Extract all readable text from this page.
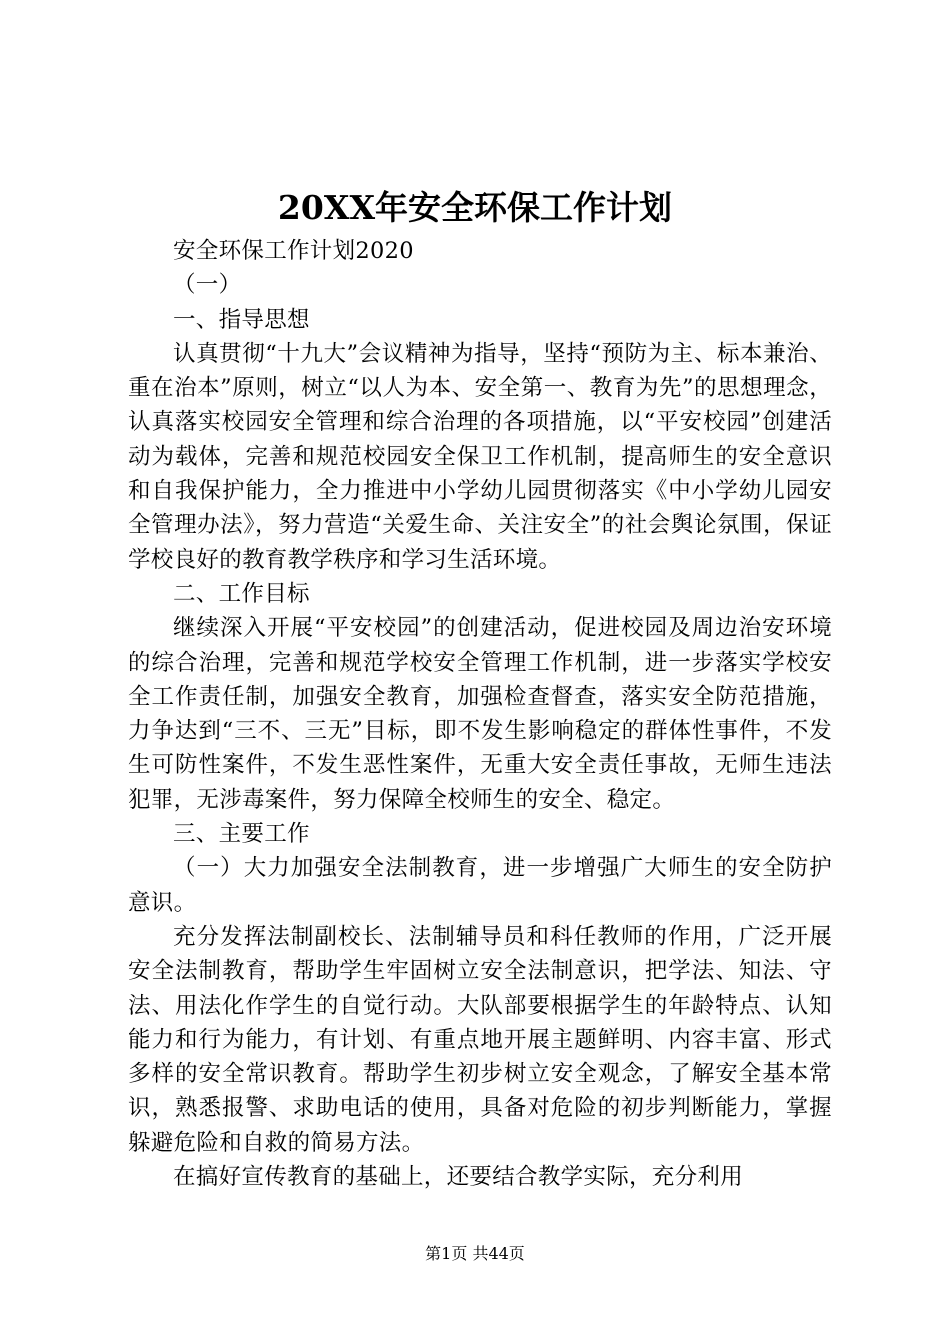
20XX年安全环保工作计划

安全环保工作计划2020

（一）

一、指导思想

认真贯彻“十九大”会议精神为指导，坚持“预防为主、标本兼治、重在治本”原则，树立“以人为本、安全第一、教育为先”的思想理念，认真落实校园安全管理和综合治理的各项措施，以“平安校园”创建活动为载体，完善和规范校园安全保卫工作机制，提高师生的安全意识和自我保护能力，全力推进中小学幼儿园贯彻落实《中小学幼儿园安全管理办法》，努力营造“关爱生命、关注安全”的社会舆论氛围，保证学校良好的教育教学秩序和学习生活环境。

二、工作目标

继续深入开展“平安校园”的创建活动，促进校园及周边治安环境的综合治理，完善和规范学校安全管理工作机制，进一步落实学校安全工作责任制，加强安全教育，加强检查督查，落实安全防范措施，力争达到“三不、三无”目标，即不发生影响稳定的群体性事件，不发生可防性案件，不发生恶性案件，无重大安全责任事故，无师生违法犯罪，无涉毒案件，努力保障全校师生的安全、稳定。

三、主要工作

（一）大力加强安全法制教育，进一步增强广大师生的安全防护意识。

充分发挥法制副校长、法制辅导员和科任教师的作用，广泛开展安全法制教育，帮助学生牢固树立安全法制意识，把学法、知法、守法、用法化作学生的自觉行动。大队部要根据学生的年龄特点、认知能力和行为能力，有计划、有重点地开展主题鲜明、内容丰富、形式多样的安全常识教育。帮助学生初步树立安全观念，了解安全基本常识，熟悉报警、求助电话的使用，具备对危险的初步判断能力，掌握躲避危险和自救的简易方法。

在搞好宣传教育的基础上，还要结合教学实际，充分利用

第1页 共44页
